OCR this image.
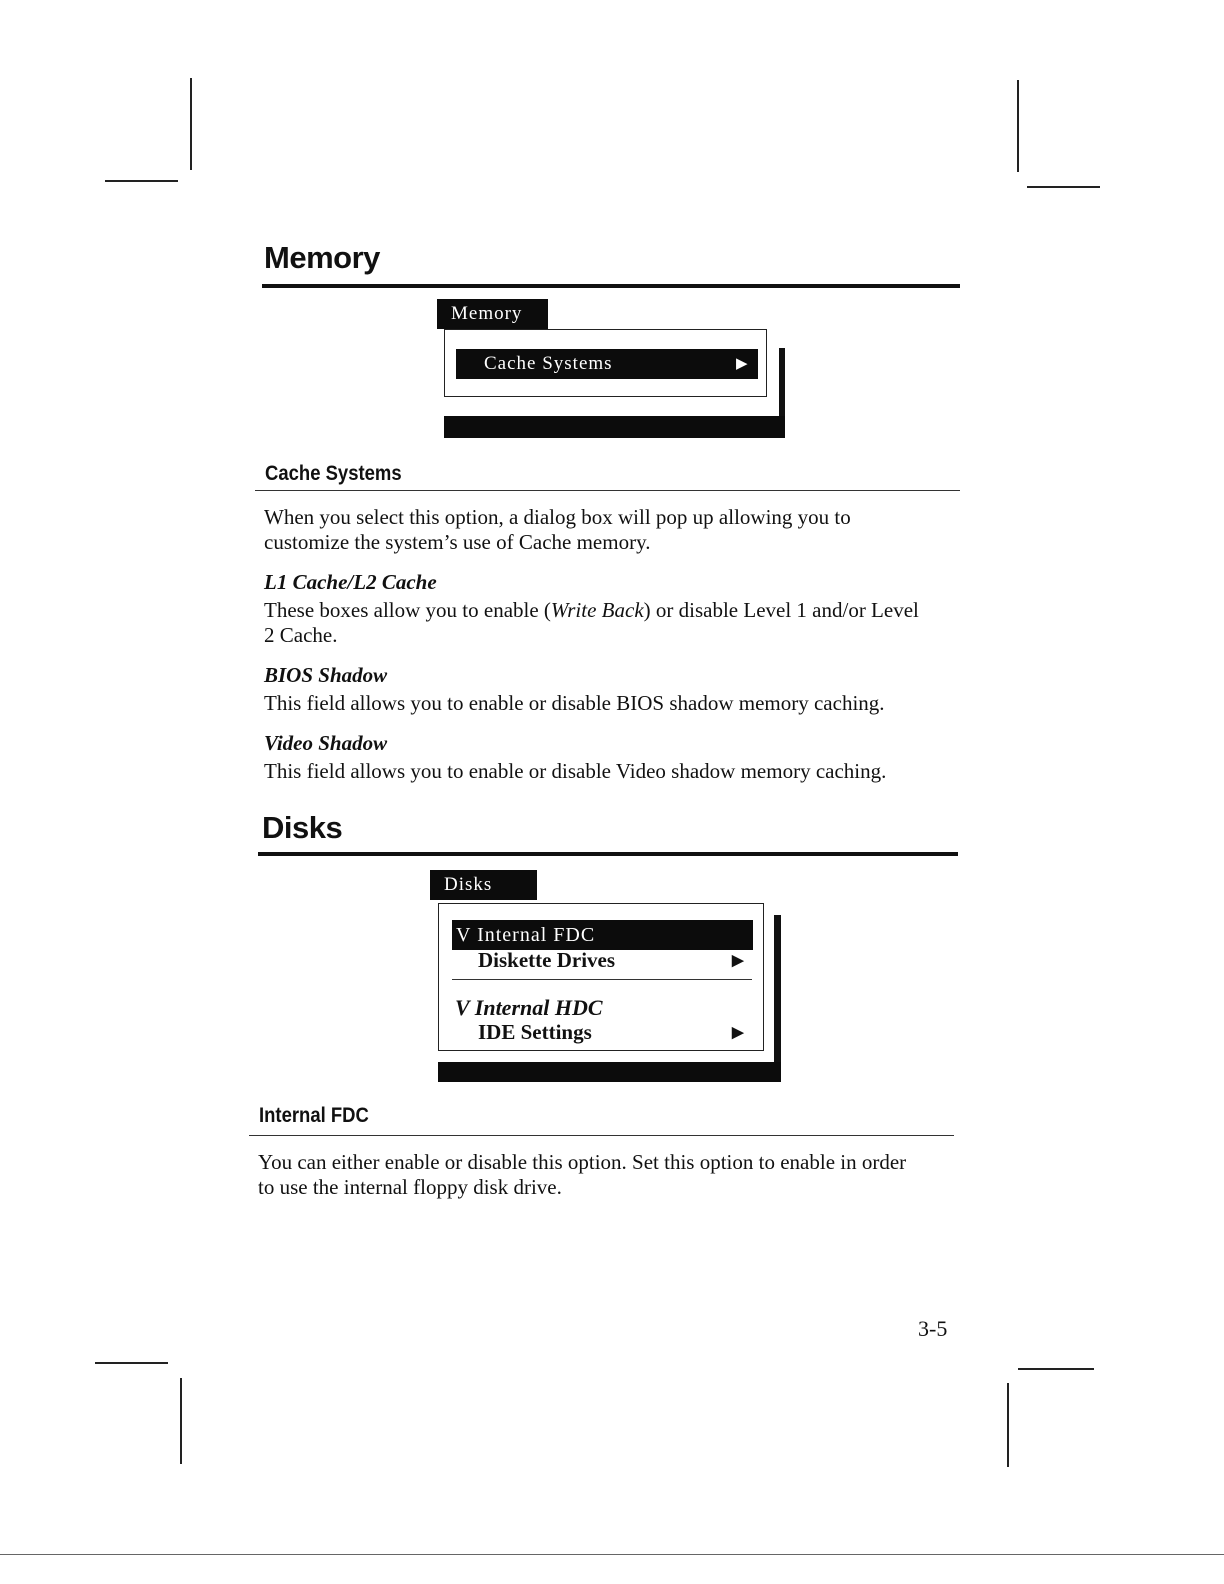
Memory
Memory
Cache Systems	▶
Cache Systems
When you select this option, a dialog box will pop up allowing you to
customize the system’s use of Cache memory.
L1 Cache/L2 Cache
These boxes allow you to enable (Write Back) or disable Level 1 and/or Level
2 Cache.
BIOS Shadow
This field allows you to enable or disable BIOS shadow memory caching.
Video Shadow
This field allows you to enable or disable Video shadow memory caching.
Disks
Disks
V Internal FDC
Diskette Drives	▶
V Internal HDC
IDE Settings	▶
Internal FDC
You can either enable or disable this option. Set this option to enable in order
to use the internal floppy disk drive.
3-5
